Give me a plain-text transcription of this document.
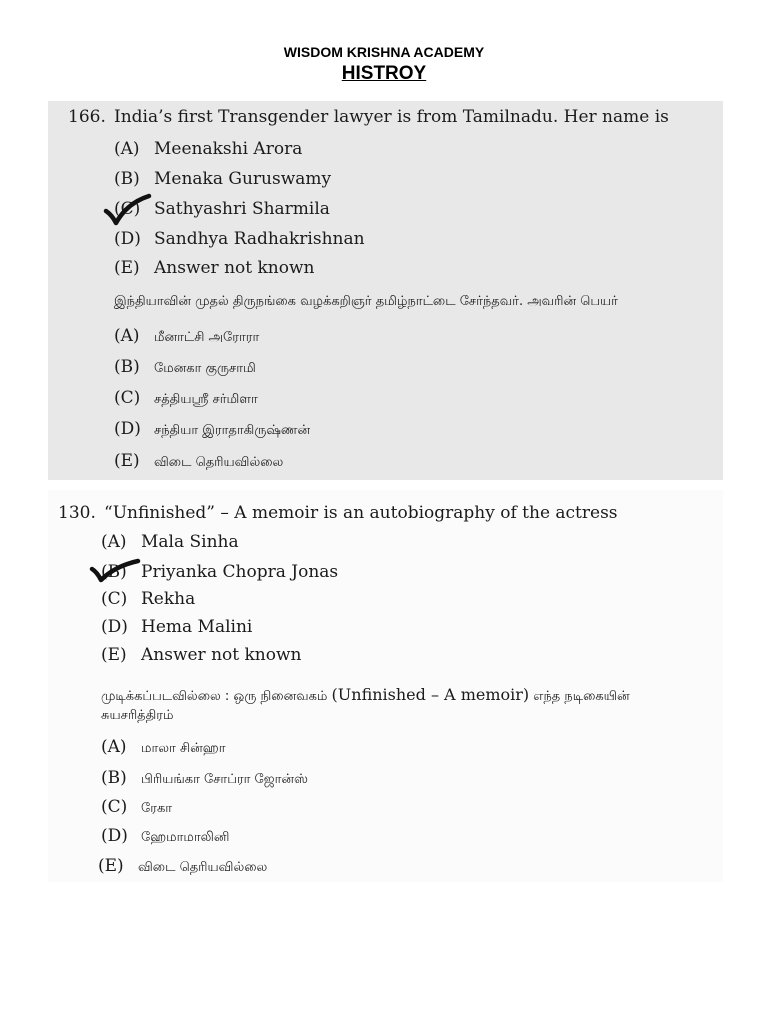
WISDOM KRISHNA ACADEMY
HISTROY
166. India’s first Transgender lawyer is from Tamilnadu. Her name is
(A) Meenakshi Arora
(B) Menaka Guruswamy
(C) Sathyashri Sharmila
(D) Sandhya Radhakrishnan
(E) Answer not known
இந்தியாவின் முதல் திருநங்கை வழக்கறிஞர் தமிழ்நாட்டை சேர்ந்தவர். அவரின் பெயர்
(A) மீனாட்சி அரோரா
(B) மேனகா குருசாமி
(C) சத்தியஸ்ரீ சர்மிளா
(D) சந்தியா இராதாகிருஷ்ணன்
(E) விடை தெரியவில்லை
130. “Unfinished” – A memoir is an autobiography of the actress
(A) Mala Sinha
(B) Priyanka Chopra Jonas
(C) Rekha
(D) Hema Malini
(E) Answer not known
முடிக்கப்படவில்லை : ஒரு நினைவகம் (Unfinished – A memoir) எந்த நடிகையின்
சுயசரித்திரம்
(A) மாலா சின்ஹா
(B) பிரியங்கா சோப்ரா ஜோன்ஸ்
(C) ரேகா
(D) ஹேமாமாலினி
(E) விடை தெரியவில்லை
